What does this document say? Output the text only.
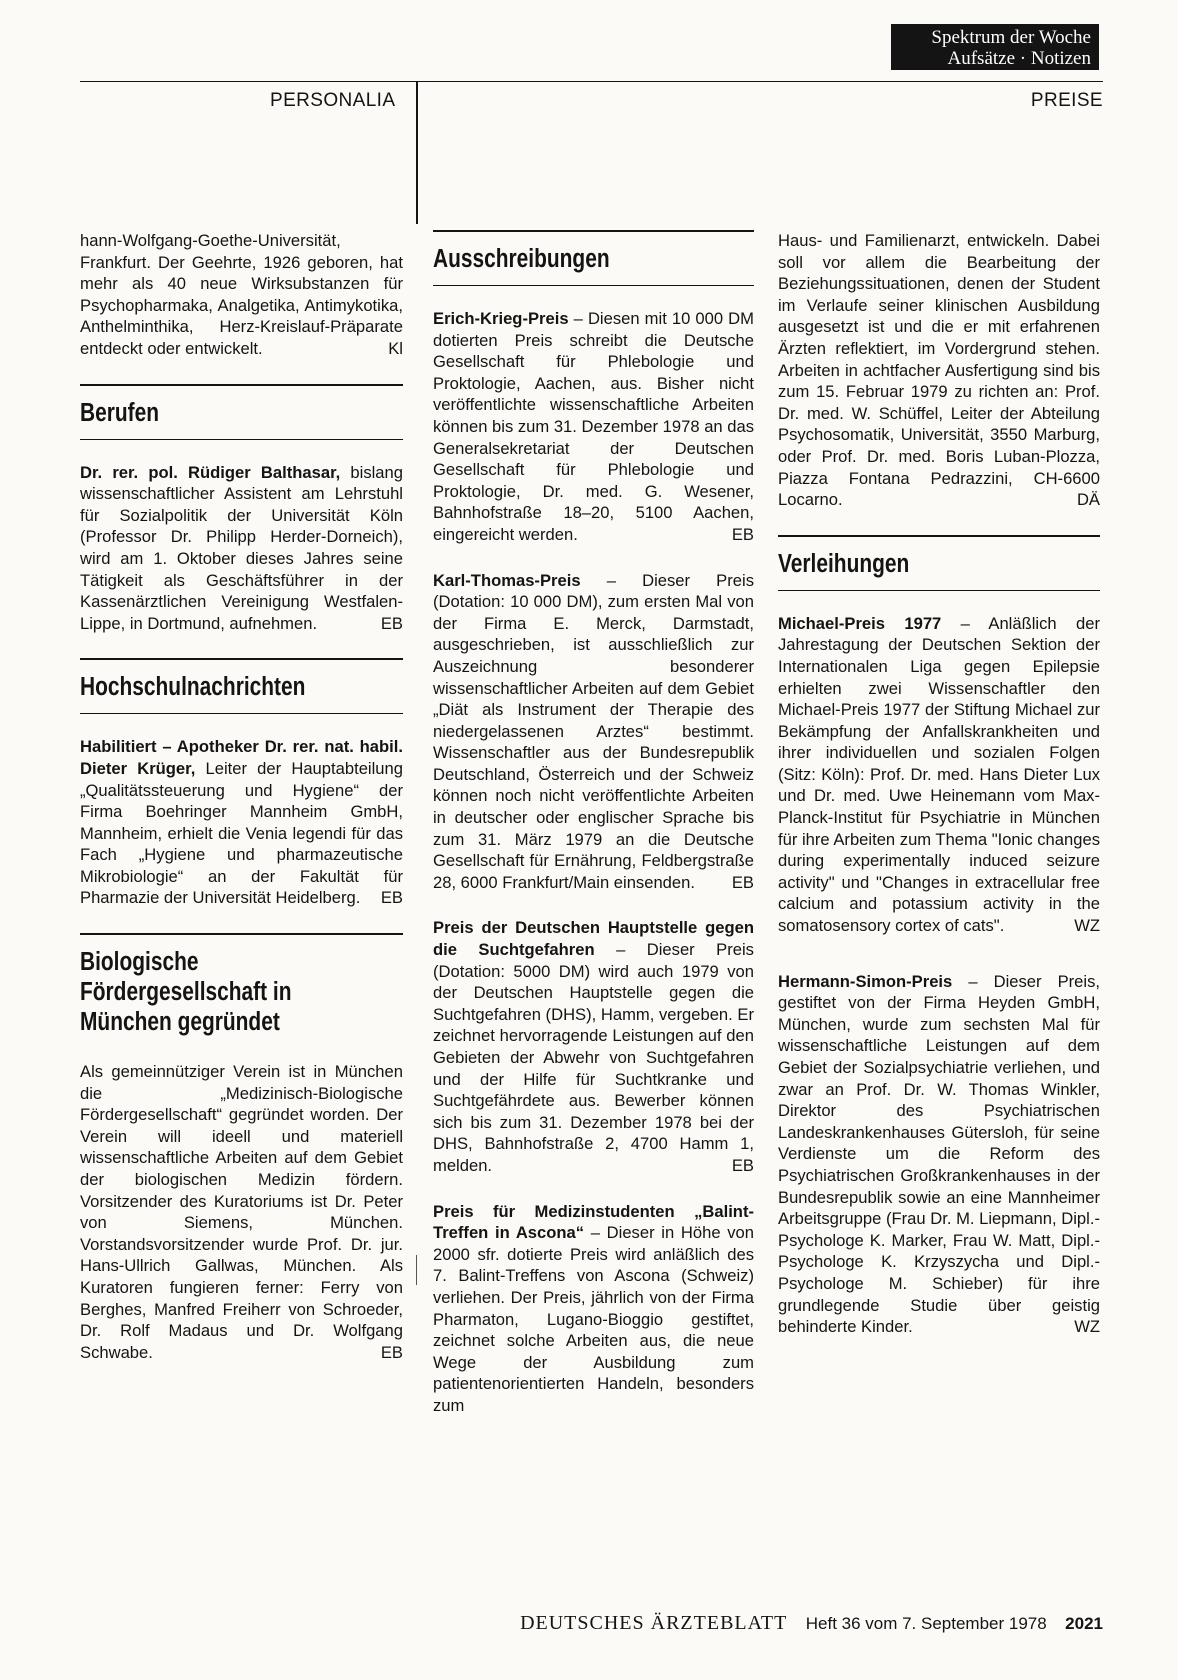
Spektrum der Woche
Aufsätze · Notizen
PERSONALIA	PREISE

hann-Wolfgang-Goethe-Universität, Frankfurt. Der Geehrte, 1926 geboren, hat mehr als 40 neue Wirksubstanzen für Psychopharmaka, Analgetika, Antimykotika, Anthelminthika, Herz-Kreislauf-Präparate entdeckt oder entwickelt.	Kl

Berufen

Dr. rer. pol. Rüdiger Balthasar, bislang wissenschaftlicher Assistent am Lehrstuhl für Sozialpolitik der Universität Köln (Professor Dr. Philipp Herder-Dorneich), wird am 1. Oktober dieses Jahres seine Tätigkeit als Geschäftsführer in der Kassenärztlichen Vereinigung Westfalen-Lippe, in Dortmund, aufnehmen.	EB

Hochschulnachrichten

Habilitiert – Apotheker Dr. rer. nat. habil. Dieter Krüger, Leiter der Hauptabteilung „Qualitätssteuerung und Hygiene“ der Firma Boehringer Mannheim GmbH, Mannheim, erhielt die Venia legendi für das Fach „Hygiene und pharmazeutische Mikrobiologie“ an der Fakultät für Pharmazie der Universität Heidelberg. EB

Biologische
Fördergesellschaft in
München gegründet

Als gemeinnütziger Verein ist in München die „Medizinisch-Biologische Fördergesellschaft“ gegründet worden. Der Verein will ideell und materiell wissenschaftliche Arbeiten auf dem Gebiet der biologischen Medizin fördern. Vorsitzender des Kuratoriums ist Dr. Peter von Siemens, München. Vorstandsvorsitzender wurde Prof. Dr. jur. Hans-Ullrich Gallwas, München. Als Kuratoren fungieren ferner: Ferry von Berghes, Manfred Freiherr von Schroeder, Dr. Rolf Madaus und Dr. Wolfgang Schwabe.	EB

Ausschreibungen

Erich-Krieg-Preis – Diesen mit 10 000 DM dotierten Preis schreibt die Deutsche Gesellschaft für Phlebologie und Proktologie, Aachen, aus. Bisher nicht veröffentlichte wissenschaftliche Arbeiten können bis zum 31. Dezember 1978 an das Generalsekretariat der Deutschen Gesellschaft für Phlebologie und Proktologie, Dr. med. G. Wesener, Bahnhofstraße 18–20, 5100 Aachen, eingereicht werden.	EB

Karl-Thomas-Preis – Dieser Preis (Dotation: 10 000 DM), zum ersten Mal von der Firma E. Merck, Darmstadt, ausgeschrieben, ist ausschließlich zur Auszeichnung besonderer wissenschaftlicher Arbeiten auf dem Gebiet „Diät als Instrument der Therapie des niedergelassenen Arztes“ bestimmt. Wissenschaftler aus der Bundesrepublik Deutschland, Österreich und der Schweiz können noch nicht veröffentlichte Arbeiten in deutscher oder englischer Sprache bis zum 31. März 1979 an die Deutsche Gesellschaft für Ernährung, Feldbergstraße 28, 6000 Frankfurt/Main einsenden. EB

Preis der Deutschen Hauptstelle gegen die Suchtgefahren – Dieser Preis (Dotation: 5000 DM) wird auch 1979 von der Deutschen Hauptstelle gegen die Suchtgefahren (DHS), Hamm, vergeben. Er zeichnet hervorragende Leistungen auf den Gebieten der Abwehr von Suchtgefahren und der Hilfe für Suchtkranke und Suchtgefährdete aus. Bewerber können sich bis zum 31. Dezember 1978 bei der DHS, Bahnhofstraße 2, 4700 Hamm 1, melden.	EB

Preis für Medizinstudenten „Balint-Treffen in Ascona“ – Dieser in Höhe von 2000 sfr. dotierte Preis wird anläßlich des 7. Balint-Treffens von Ascona (Schweiz) verliehen. Der Preis, jährlich von der Firma Pharmaton, Lugano-Bioggio gestiftet, zeichnet solche Arbeiten aus, die neue Wege der Ausbildung zum patientenorientierten Handeln, besonders zum

Haus- und Familienarzt, entwickeln. Dabei soll vor allem die Bearbeitung der Beziehungssituationen, denen der Student im Verlaufe seiner klinischen Ausbildung ausgesetzt ist und die er mit erfahrenen Ärzten reflektiert, im Vordergrund stehen. Arbeiten in achtfacher Ausfertigung sind bis zum 15. Februar 1979 zu richten an: Prof. Dr. med. W. Schüffel, Leiter der Abteilung Psychosomatik, Universität, 3550 Marburg, oder Prof. Dr. med. Boris Luban-Plozza, Piazza Fontana Pedrazzini, CH-6600 Locarno.	DÄ

Verleihungen

Michael-Preis 1977 – Anläßlich der Jahrestagung der Deutschen Sektion der Internationalen Liga gegen Epilepsie erhielten zwei Wissenschaftler den Michael-Preis 1977 der Stiftung Michael zur Bekämpfung der Anfallskrankheiten und ihrer individuellen und sozialen Folgen (Sitz: Köln): Prof. Dr. med. Hans Dieter Lux und Dr. med. Uwe Heinemann vom Max-Planck-Institut für Psychiatrie in München für ihre Arbeiten zum Thema "Ionic changes during experimentally induced seizure activity" und "Changes in extracellular free calcium and potassium activity in the somatosensory cortex of cats".	WZ

Hermann-Simon-Preis – Dieser Preis, gestiftet von der Firma Heyden GmbH, München, wurde zum sechsten Mal für wissenschaftliche Leistungen auf dem Gebiet der Sozialpsychiatrie verliehen, und zwar an Prof. Dr. W. Thomas Winkler, Direktor des Psychiatrischen Landeskrankenhauses Gütersloh, für seine Verdienste um die Reform des Psychiatrischen Großkrankenhauses in der Bundesrepublik sowie an eine Mannheimer Arbeitsgruppe (Frau Dr. M. Liepmann, Dipl.-Psychologe K. Marker, Frau W. Matt, Dipl.-Psychologe K. Krzyszycha und Dipl.-Psychologe M. Schieber) für ihre grundlegende Studie über geistig behinderte Kinder.	WZ

DEUTSCHES ÄRZTEBLATT Heft 36 vom 7. September 1978 2021
